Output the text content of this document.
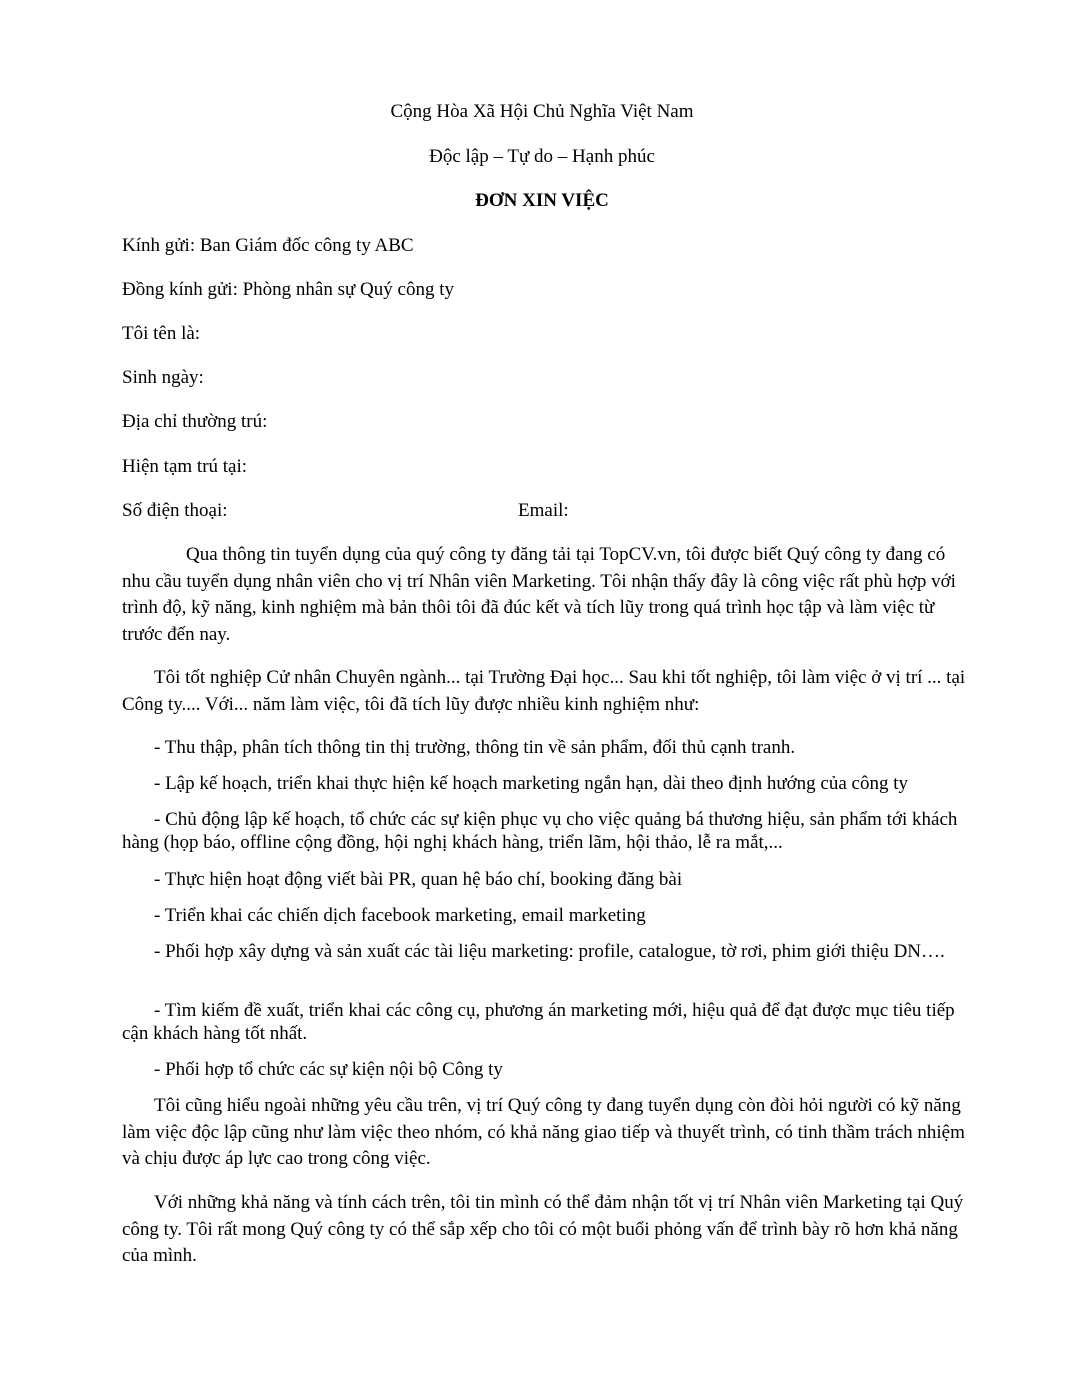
Cộng Hòa Xã Hội Chủ Nghĩa Việt Nam
Độc lập – Tự do – Hạnh phúc
ĐƠN XIN VIỆC
Kính gửi: Ban Giám đốc công ty ABC
Đồng kính gửi: Phòng nhân sự Quý công ty
Tôi tên là:
Sinh ngày:
Địa chỉ thường trú:
Hiện tạm trú tại:
Số điện thoại:	Email:
Qua thông tin tuyển dụng của quý công ty đăng tải tại TopCV.vn, tôi được biết Quý công ty đang có nhu cầu tuyển dụng nhân viên cho vị trí Nhân viên Marketing. Tôi nhận thấy đây là công việc rất phù hợp với trình độ, kỹ năng, kinh nghiệm mà bản thôi tôi đã đúc kết và tích lũy trong quá trình học tập và làm việc từ trước đến nay.
Tôi tốt nghiệp Cử nhân Chuyên ngành... tại Trường Đại học... Sau khi tốt nghiệp, tôi làm việc ở vị trí ... tại Công ty.... Với... năm làm việc, tôi đã tích lũy được nhiều kinh nghiệm như:
- Thu thập, phân tích thông tin thị trường, thông tin về sản phẩm, đối thủ cạnh tranh.
- Lập kế hoạch, triển khai thực hiện kế hoạch marketing ngắn hạn, dài theo định hướng của công ty
- Chủ động lập kế hoạch, tổ chức các sự kiện phục vụ cho việc quảng bá thương hiệu, sản phẩm tới khách hàng (họp báo, offline cộng đồng, hội nghị khách hàng, triển lãm, hội thảo, lễ ra mắt,...
- Thực hiện hoạt động viết bài PR, quan hệ báo chí, booking đăng bài
- Triển khai các chiến dịch facebook marketing, email marketing
- Phối hợp xây dựng và sản xuất các tài liệu marketing: profile, catalogue, tờ rơi, phim giới thiệu DN….
- Tìm kiếm đề xuất, triển khai các công cụ, phương án marketing mới, hiệu quả để đạt được mục tiêu tiếp cận khách hàng tốt nhất.
- Phối hợp tổ chức các sự kiện nội bộ Công ty
Tôi cũng hiểu ngoài những yêu cầu trên, vị trí Quý công ty đang tuyển dụng còn đòi hỏi người có kỹ năng làm việc độc lập cũng như làm việc theo nhóm, có khả năng giao tiếp và thuyết trình, có tinh thầm trách nhiệm và chịu được áp lực cao trong công việc.
Với những khả năng và tính cách trên, tôi tin mình có thể đảm nhận tốt vị trí Nhân viên Marketing tại Quý công ty. Tôi rất mong Quý công ty có thể sắp xếp cho tôi có một buổi phỏng vấn để trình bày rõ hơn khả năng của mình.
